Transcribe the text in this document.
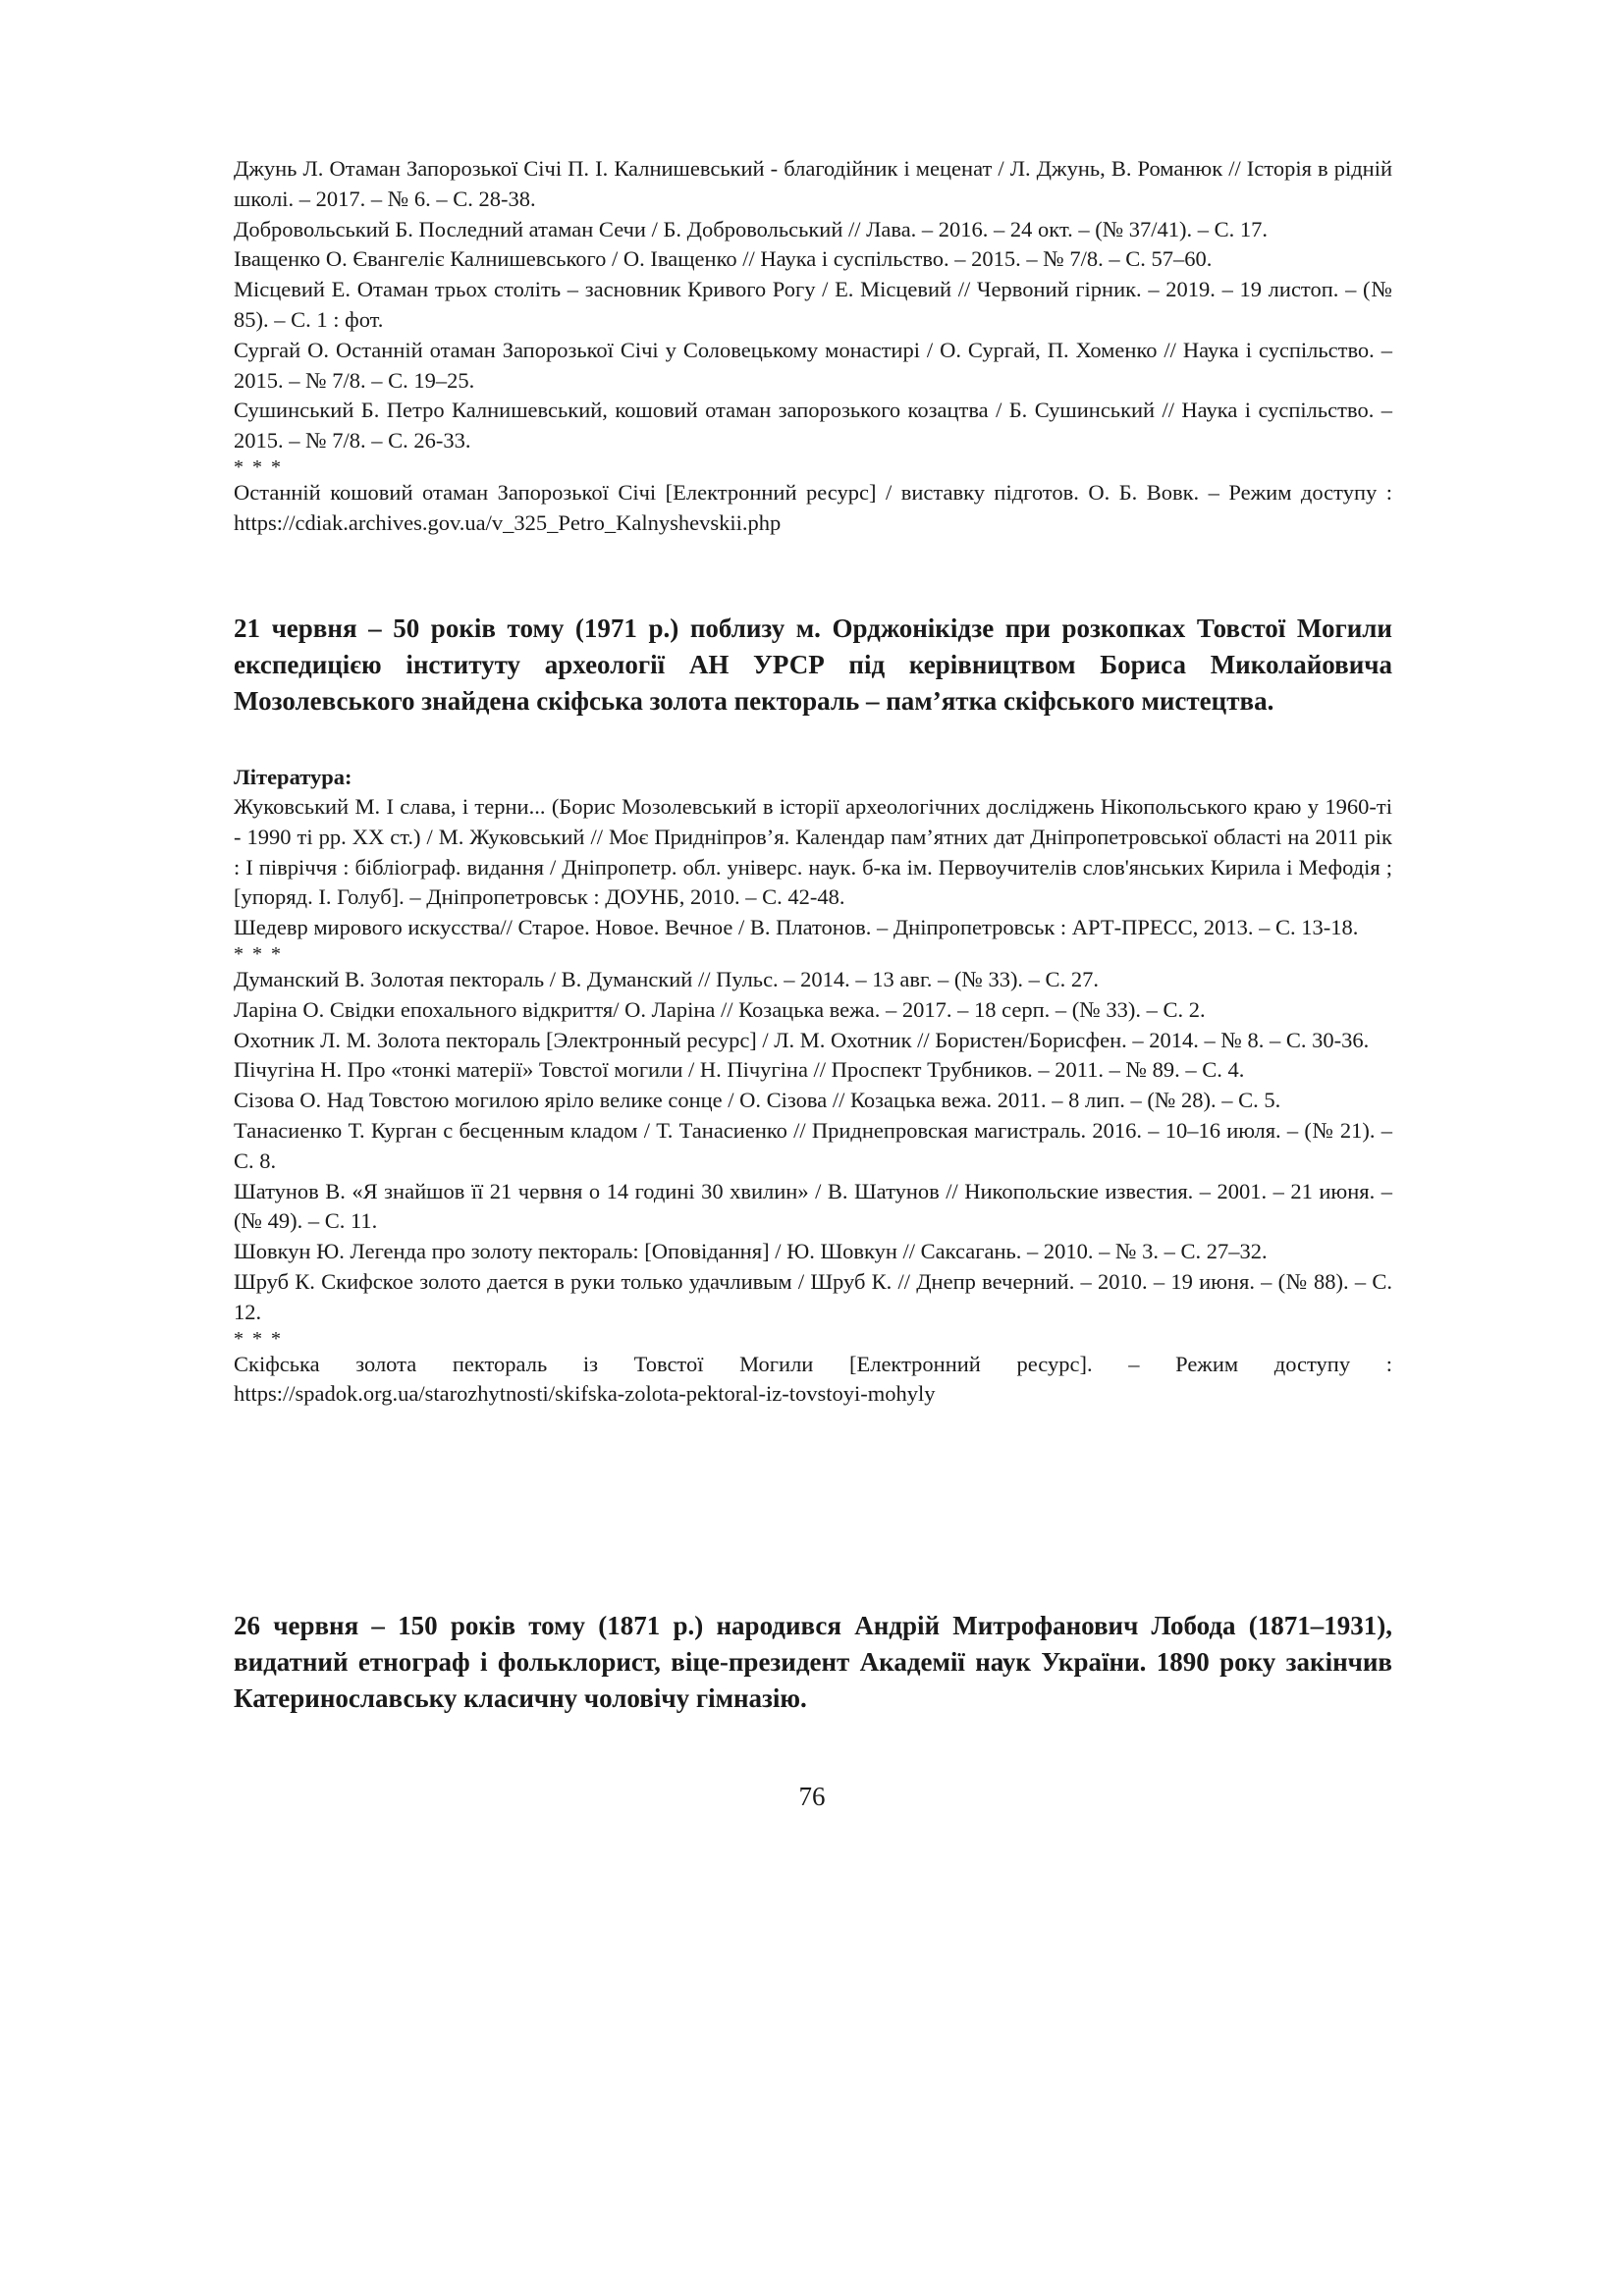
Джунь Л. Отаман Запорозької Січі П. І. Калнишевський - благодійник і меценат / Л. Джунь, В. Романюк // Історія в рідній школі. – 2017. – № 6. – С. 28-38.

Добровольський Б. Последний атаман Сечи / Б. Добровольський // Лава. – 2016. – 24 окт. – (№ 37/41). – С. 17.

Іващенко О. Євангеліє Калнишевського / О. Іващенко // Наука і суспільство. – 2015. – № 7/8. – С. 57–60.

Місцевий Е. Отаман трьох століть – засновник Кривого Рогу / Е. Місцевий // Червоний гірник. – 2019. – 19 листоп. – (№ 85). – С. 1 : фот.

Сургай О. Останній отаман Запорозької Січі у Соловецькому монастирі / О. Сургай, П. Хоменко // Наука і суспільство. – 2015. – № 7/8. – С. 19–25.

Сушинський Б. Петро Калнишевський, кошовий отаман запорозького козацтва / Б. Сушинський // Наука і суспільство. – 2015. – № 7/8. – С. 26-33.

* * *

Останній кошовий отаман Запорозької Січі [Електронний ресурс] / виставку підготов. О. Б. Вовк. – Режим доступу : https://cdiak.archives.gov.ua/v_325_Petro_Kalnyshevskii.php

21 червня – 50 років тому (1971 р.) поблизу м. Орджонікідзе при розкопках Товстої Могили експедицією інституту археології АН УРСР під керівництвом Бориса Миколайовича Мозолевського знайдена скіфська золота пектораль – пам’ятка скіфського мистецтва.

Література:

Жуковський М. І слава, і терни... (Борис Мозолевський в історії археологічних досліджень Нікопольського краю у 1960-ті - 1990 ті рр. ХХ ст.) / М. Жуковський // Моє Придніпров’я. Календар пам’ятних дат Дніпропетровської області на 2011 рік : І півріччя : бібліограф. видання / Дніпропетр. обл. універс. наук. б-ка ім. Первоучителів слов'янських Кирила і Мефодія ; [упоряд. І. Голуб]. – Дніпропетровськ : ДОУНБ, 2010. – С. 42-48.

Шедевр мирового искусства// Старое. Новое. Вечное / В. Платонов. – Дніпропетровськ : АРТ-ПРЕСС, 2013. – С. 13-18.

* * *

Думанский В. Золотая пектораль / В. Думанский // Пульс. – 2014. – 13 авг. – (№ 33). – С. 27.

Ларіна О. Свідки епохального відкриття/ О. Ларіна // Козацька вежа. – 2017. – 18 серп. – (№ 33). – С. 2.

Охотник Л. М. Золота пектораль [Элeктронный ресурс] / Л. М. Охотник // Бористен/Борисфен. – 2014. – № 8. – С. 30-36.

Пічугіна Н. Про «тонкі матерії» Товстої могили / Н. Пічугіна // Проспект Трубников. – 2011. – № 89. – С. 4.

Сізова О. Над Товстою могилою яріло велике сонце / О. Сізова // Козацька вежа. 2011. – 8 лип. – (№ 28). – С. 5.

Танасиенко Т. Курган с бесценным кладом / Т. Танасиенко // Приднепровская магистраль. 2016. – 10–16 июля. – (№ 21). – С. 8.

Шатунов В. «Я знайшов її 21 червня о 14 годині 30 хвилин» / В. Шатунов // Никопольские известия. – 2001. – 21 июня. – (№ 49). – С. 11.

Шовкун Ю. Легенда про золоту пектораль: [Оповідання] / Ю. Шовкун // Саксагань. – 2010. – № 3. – С. 27–32.

Шруб К. Скифское золото дается в руки только удачливым / Шруб К. // Днепр вечерний. – 2010. – 19 июня. – (№ 88). – С. 12.

* * *

Скіфська золота пектораль із Товстої Могили [Електронний ресурс]. – Режим доступу : https://spadok.org.ua/starozhytnosti/skifska-zolota-pektoral-iz-tovstoyi-mohyly

26 червня – 150 років тому (1871 р.) народився Андрій Митрофанович Лобода (1871–1931), видатний етнограф і фольклорист, віце-президент Академії наук України. 1890 року закінчив Катеринославську класичну чоловічу гімназію.

76
